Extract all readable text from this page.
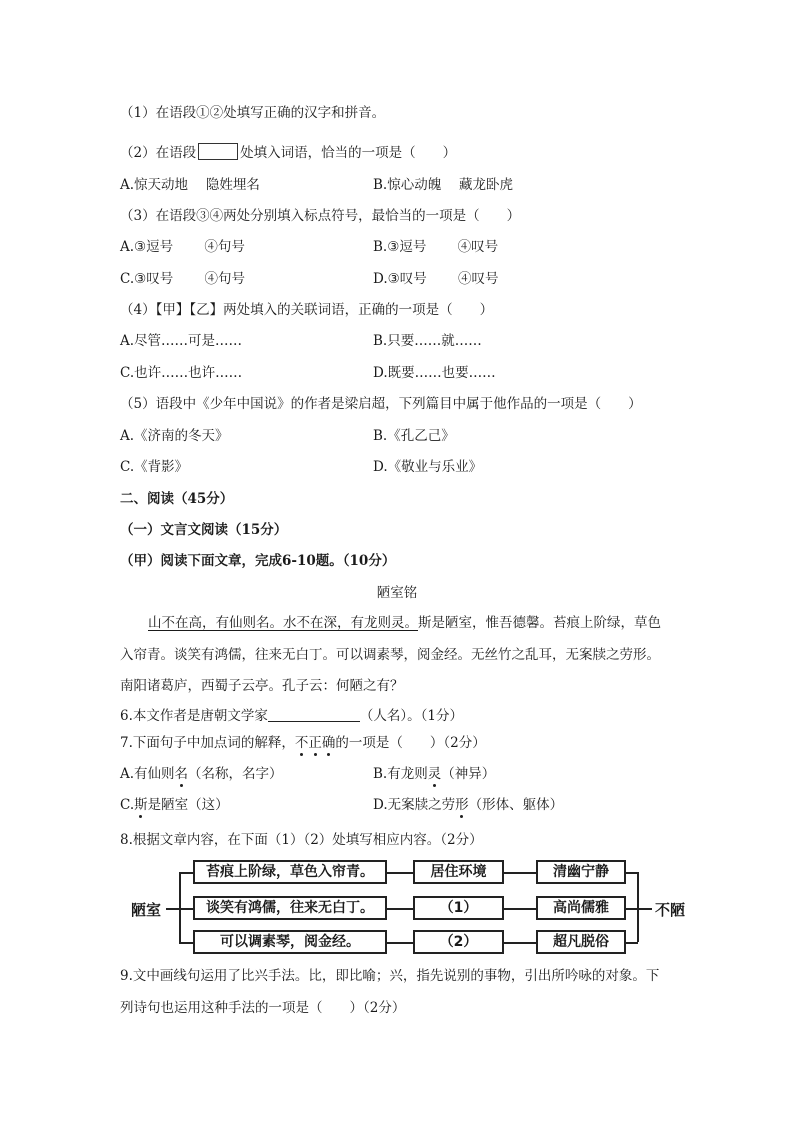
（1）在语段①②处填写正确的汉字和拼音。
（2）在语段	处填入词语，恰当的一项是（　　）
A.惊天动地　 隐姓埋名	B.惊心动魄　 藏龙卧虎
（3）在语段③④两处分别填入标点符号，最恰当的一项是（　　）
A.③逗号　　 ④句号	B.③逗号　　 ④叹号
C.③叹号　　 ④句号	D.③叹号　　 ④叹号
（4）【甲】【乙】两处填入的关联词语，正确的一项是（　　）
A.尽管……可是……	B.只要……就……
C.也许……也许……	D.既要……也要……
（5）语段中《少年中国说》的作者是梁启超，下列篇目中属于他作品的一项是（　　）
A.《济南的冬天》	B.《孔乙己》
C.《背影》	D.《敬业与乐业》
二、阅读（45分）
（一）文言文阅读（15分）
（甲）阅读下面文章，完成6-10题。（10分）
陋室铭
山不在高，有仙则名。水不在深，有龙则灵。斯是陋室，惟吾德馨。苔痕上阶绿，草色
入帘青。谈笑有鸿儒，往来无白丁。可以调素琴，阅金经。无丝竹之乱耳，无案牍之劳形。
南阳诸葛庐，西蜀子云亭。孔子云：何陋之有？
6.本文作者是唐朝文学家	（人名）。（1分）
7.下面句子中加点词的解释，不正确的一项是（　　）（2分）
A.有仙则名（名称，名字）	B.有龙则灵（神异）
C.斯是陋室（这）	D.无案牍之劳形（形体、躯体）
8.根据文章内容，在下面（1）（2）处填写相应内容。（2分）
陋室	不陋
苔痕上阶绿，草色入帘青。	居住环境	清幽宁静
谈笑有鸿儒，往来无白丁。	（1）	高尚儒雅
可以调素琴，阅金经。	（2）	超凡脱俗
9.文中画线句运用了比兴手法。比，即比喻；兴，指先说别的事物，引出所吟咏的对象。下
列诗句也运用这种手法的一项是（　　）（2分）
